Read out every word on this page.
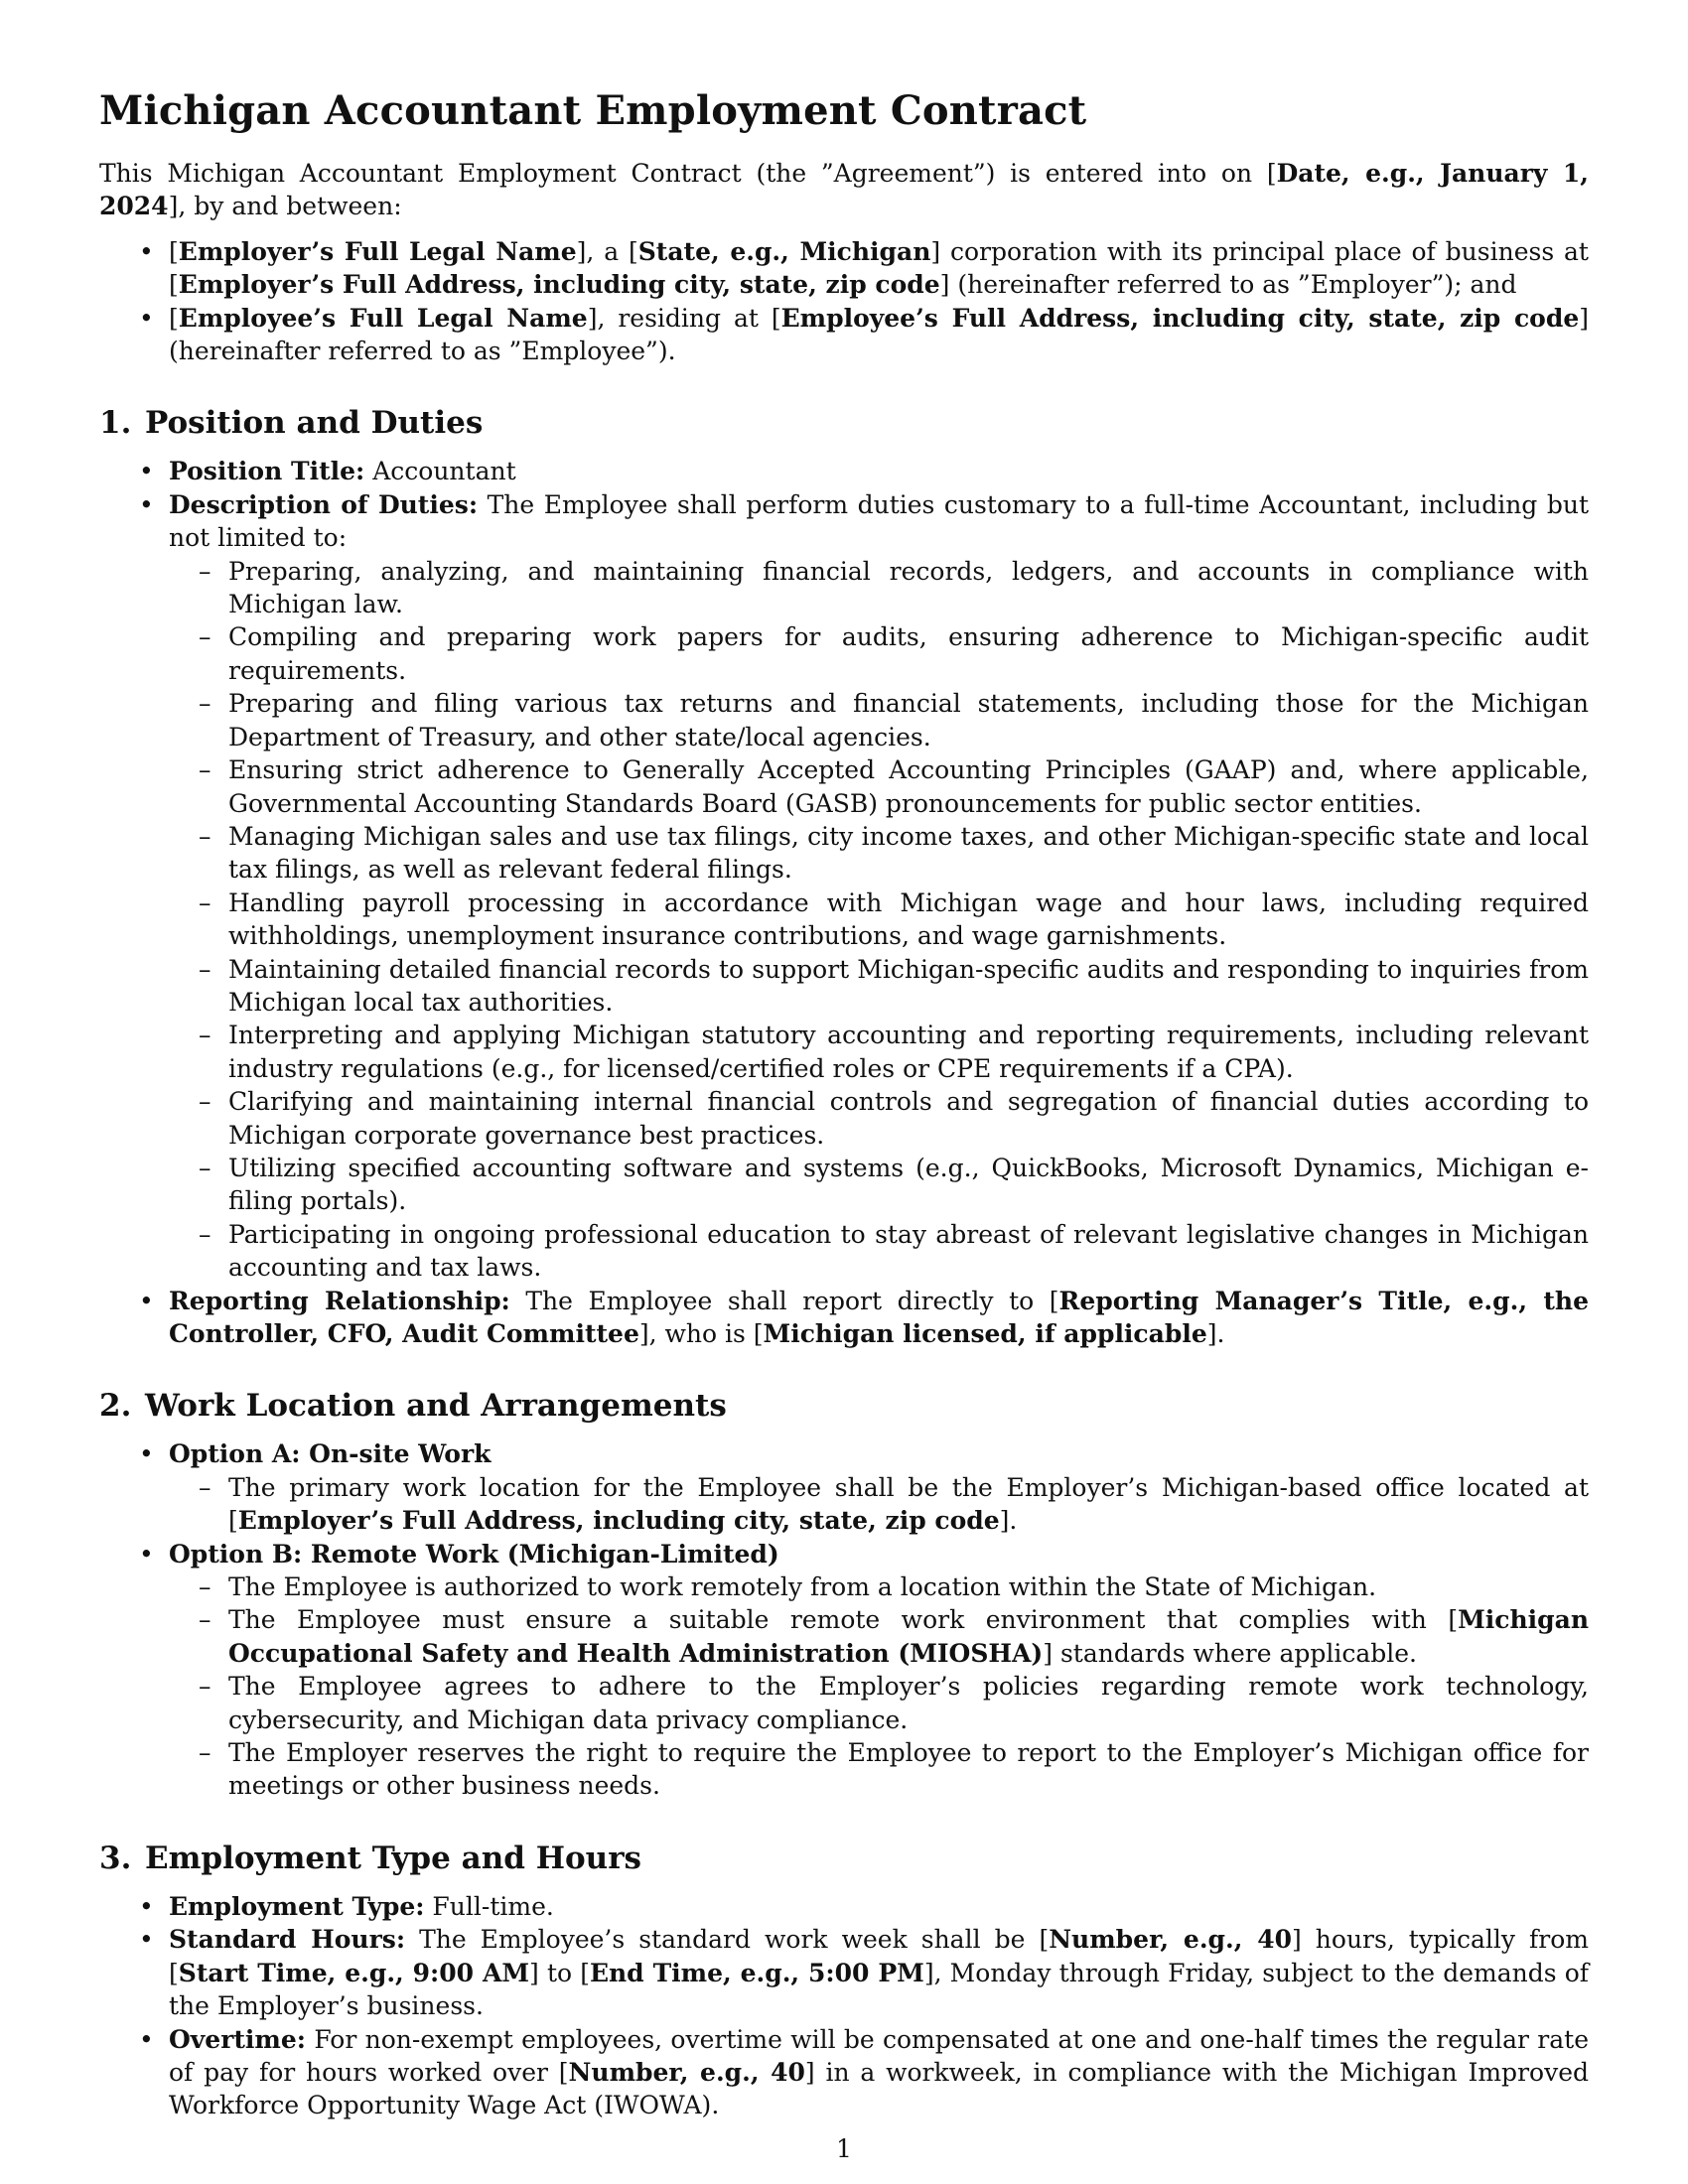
Michigan Accountant Employment Contract

This Michigan Accountant Employment Contract (the ”Agreement”) is entered into on [Date, e.g., January 1, 2024], by and between:

• [Employer’s Full Legal Name], a [State, e.g., Michigan] corporation with its principal place of business at [Employer’s Full Address, including city, state, zip code] (hereinafter referred to as ”Employer”); and
• [Employee’s Full Legal Name], residing at [Employee’s Full Address, including city, state, zip code] (hereinafter referred to as ”Employee”).
1. Position and Duties
• Position Title: Accountant
• Description of Duties: The Employee shall perform duties customary to a full-time Accountant, including but not limited to:
– Preparing, analyzing, and maintaining financial records, ledgers, and accounts in compliance with Michigan law.
– Compiling and preparing work papers for audits, ensuring adherence to Michigan-specific audit requirements.
– Preparing and filing various tax returns and financial statements, including those for the Michigan Department of Treasury, and other state/local agencies.
– Ensuring strict adherence to Generally Accepted Accounting Principles (GAAP) and, where applicable, Governmental Accounting Standards Board (GASB) pronouncements for public sector entities.
– Managing Michigan sales and use tax filings, city income taxes, and other Michigan-specific state and local tax filings, as well as relevant federal filings.
– Handling payroll processing in accordance with Michigan wage and hour laws, including required withholdings, unemployment insurance contributions, and wage garnishments.
– Maintaining detailed financial records to support Michigan-specific audits and responding to inquiries from Michigan local tax authorities.
– Interpreting and applying Michigan statutory accounting and reporting requirements, including relevant industry regulations (e.g., for licensed/certified roles or CPE requirements if a CPA).
– Clarifying and maintaining internal financial controls and segregation of financial duties according to Michigan corporate governance best practices.
– Utilizing specified accounting software and systems (e.g., QuickBooks, Microsoft Dynamics, Michigan e-filing portals).
– Participating in ongoing professional education to stay abreast of relevant legislative changes in Michigan accounting and tax laws.
• Reporting Relationship: The Employee shall report directly to [Reporting Manager’s Title, e.g., the Controller, CFO, Audit Committee], who is [Michigan licensed, if applicable].
2. Work Location and Arrangements
• Option A: On-site Work
– The primary work location for the Employee shall be the Employer’s Michigan-based office located at [Employer’s Full Address, including city, state, zip code].
• Option B: Remote Work (Michigan-Limited)
– The Employee is authorized to work remotely from a location within the State of Michigan.
– The Employee must ensure a suitable remote work environment that complies with [Michigan Occupational Safety and Health Administration (MIOSHA)] standards where applicable.
– The Employee agrees to adhere to the Employer’s policies regarding remote work technology, cybersecurity, and Michigan data privacy compliance.
– The Employer reserves the right to require the Employee to report to the Employer’s Michigan office for meetings or other business needs.
3. Employment Type and Hours
• Employment Type: Full-time.
• Standard Hours: The Employee’s standard work week shall be [Number, e.g., 40] hours, typically from [Start Time, e.g., 9:00 AM] to [End Time, e.g., 5:00 PM], Monday through Friday, subject to the demands of the Employer’s business.
• Overtime: For non-exempt employees, overtime will be compensated at one and one-half times the regular rate of pay for hours worked over [Number, e.g., 40] in a workweek, in compliance with the Michigan Improved Workforce Opportunity Wage Act (IWOWA).
1
